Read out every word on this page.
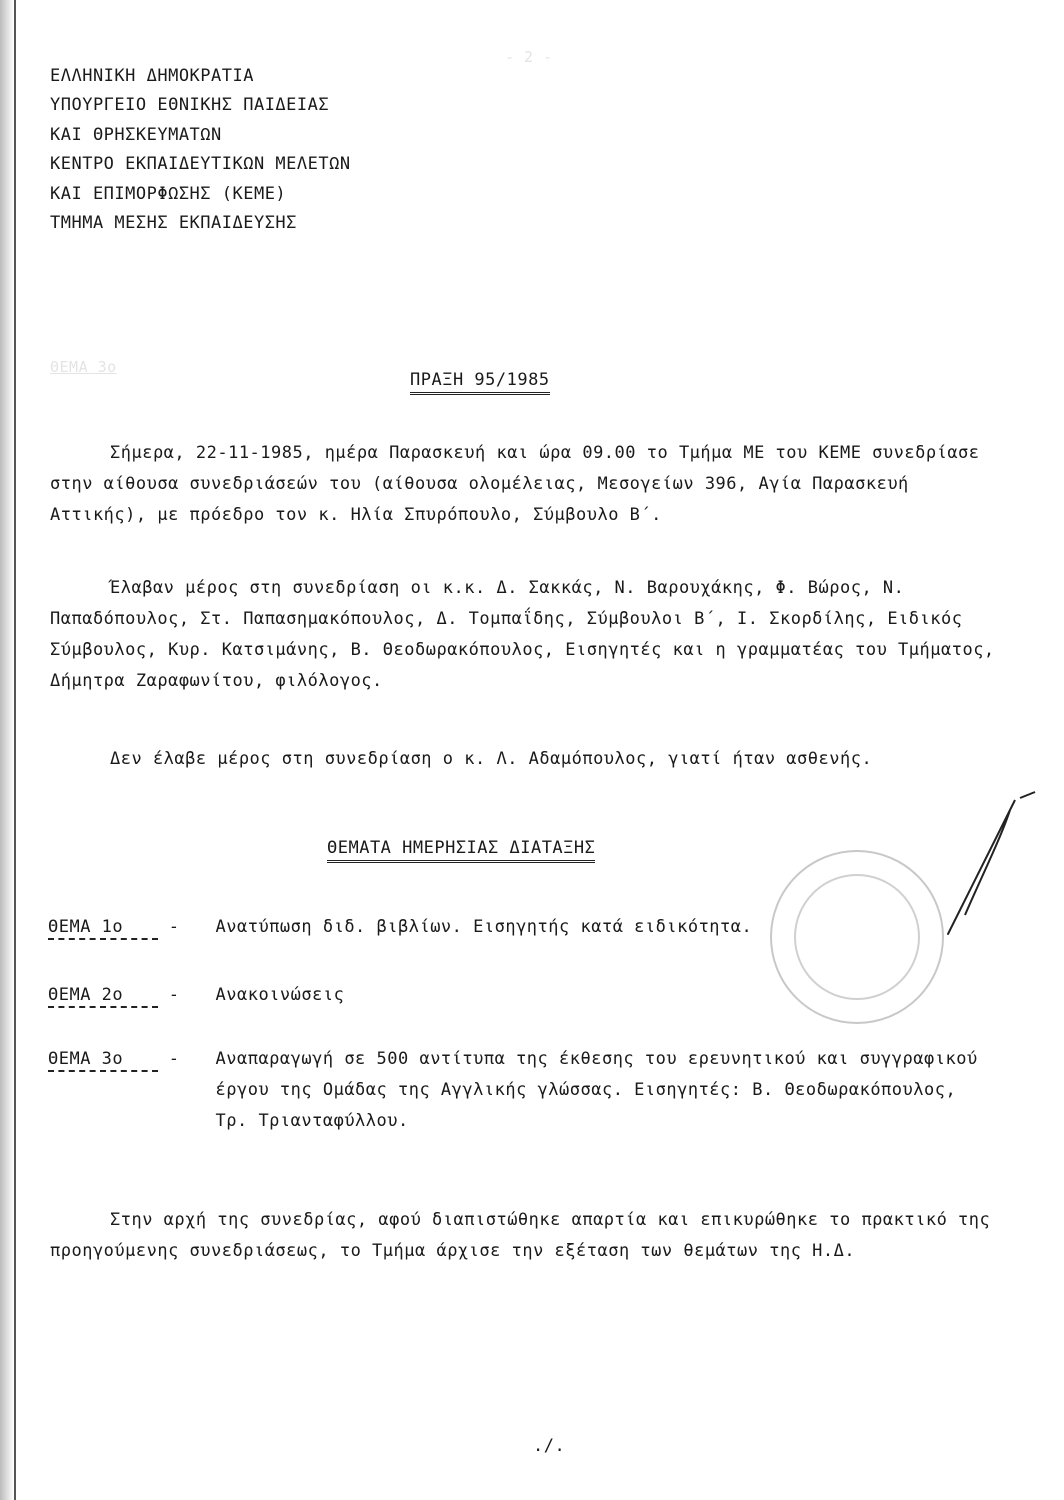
- 2 -
ΘΕΜΑ 3ο
ΕΛΛΗΝΙΚΗ ΔΗΜΟΚΡΑΤΙΑ
ΥΠΟΥΡΓΕΙΟ ΕΘΝΙΚΗΣ ΠΑΙΔΕΙΑΣ
ΚΑΙ ΘΡΗΣΚΕΥΜΑΤΩΝ
ΚΕΝΤΡΟ ΕΚΠΑΙΔΕΥΤΙΚΩΝ ΜΕΛΕΤΩΝ
ΚΑΙ ΕΠΙΜΟΡΦΩΣΗΣ (ΚΕΜΕ)
ΤΜΗΜΑ ΜΕΣΗΣ ΕΚΠΑΙΔΕΥΣΗΣ
ΠΡΑΞΗ 95/1985
Σήμερα, 22-11-1985, ημέρα Παρασκευή και ώρα 09.00 το Τμήμα ΜΕ του ΚΕΜΕ συνεδρίασε στην αίθουσα συνεδριάσεών του (αίθουσα ολομέλειας, Μεσογείων 396, Αγία Παρασκευή Αττικής), με πρόεδρο τον κ. Ηλία Σπυρόπουλο, Σύμβουλο Β΄.
Έλαβαν μέρος στη συνεδρίαση οι κ.κ. Δ. Σακκάς, Ν. Βαρουχάκης, Φ. Βώρος, Ν. Παπαδόπουλος, Στ. Παπασημακόπουλος, Δ. Τομπαΐδης, Σύμβουλοι Β΄, Ι. Σκορδίλης, Ειδικός Σύμβουλος, Κυρ. Κατσιμάνης, Β. Θεοδωρακόπουλος, Εισηγητές και η γραμματέας του Τμήματος, Δήμητρα Ζαραφωνίτου, φιλόλογος.
Δεν έλαβε μέρος στη συνεδρίαση ο κ. Λ. Αδαμόπουλος, γιατί ήταν ασθενής.
ΘΕΜΑΤΑ ΗΜΕΡΗΣΙΑΣ ΔΙΑΤΑΞΗΣ
ΘΕΜΑ 1ο	- Ανατύπωση διδ. βιβλίων. Εισηγητής κατά ειδικότητα.
ΘΕΜΑ 2ο	- Ανακοινώσεις
ΘΕΜΑ 3ο	- Αναπαραγωγή σε 500 αντίτυπα της έκθεσης του ερευνητικού και συγγραφικού έργου της Ομάδας της Αγγλικής γλώσσας. Εισηγητές: Β. Θεοδωρακόπουλος, Τρ. Τριανταφύλλου.
Στην αρχή της συνεδρίας, αφού διαπιστώθηκε απαρτία και επικυρώθηκε το πρακτικό της προηγούμενης συνεδριάσεως, το Τμήμα άρχισε την εξέταση των θεμάτων της Η.Δ.
./.
